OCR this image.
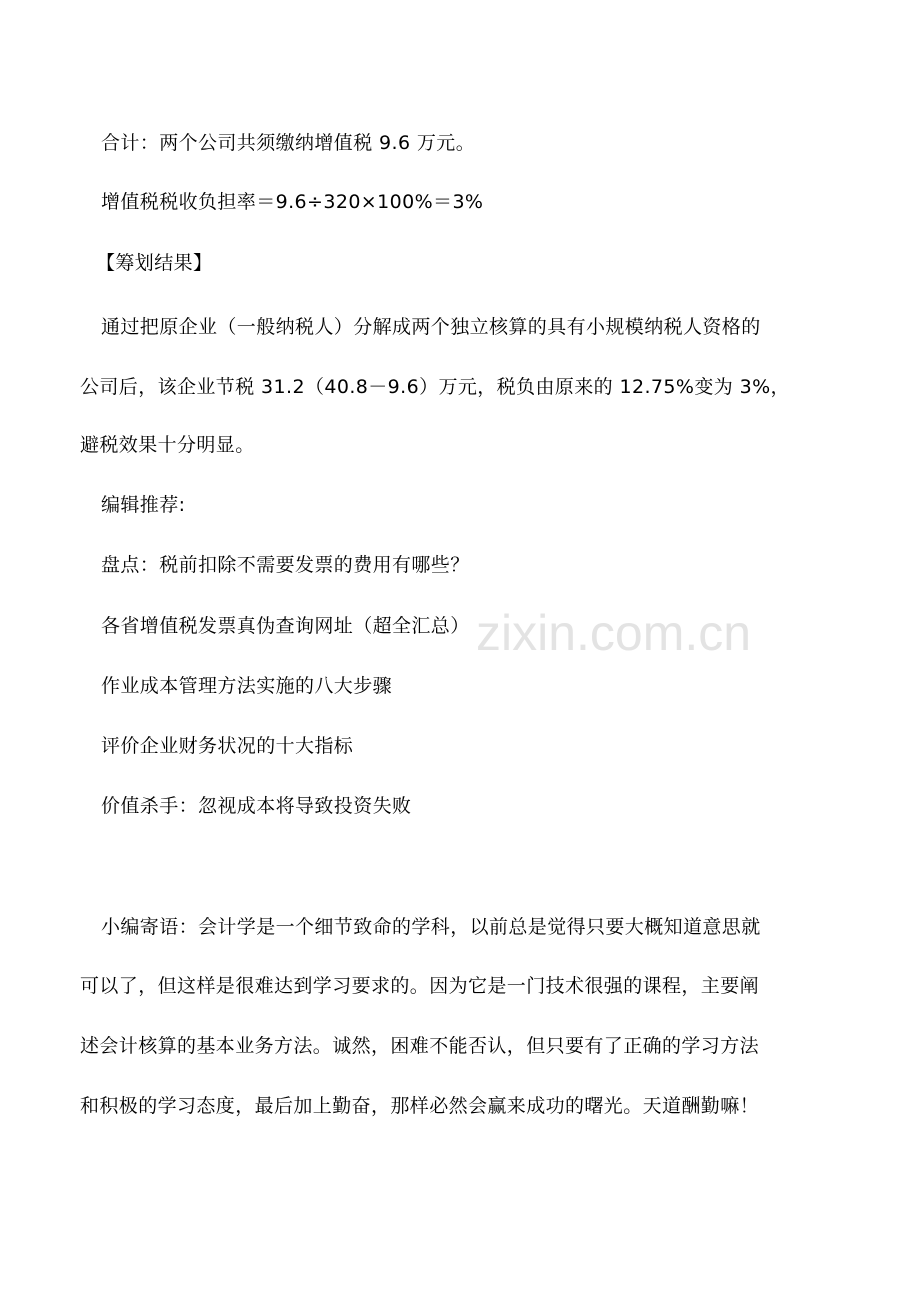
zixin.com.cn
合计：两个公司共须缴纳增值税 9.6 万元。
增值税税收负担率＝9.6÷320×100%＝3%
【筹划结果】
通过把原企业（一般纳税人）分解成两个独立核算的具有小规模纳税人资格的
公司后，该企业节税 31.2（40.8－9.6）万元，税负由原来的 12.75%变为 3%，
避税效果十分明显。
编辑推荐:
盘点：税前扣除不需要发票的费用有哪些？
各省增值税发票真伪查询网址（超全汇总）
作业成本管理方法实施的八大步骤
评价企业财务状况的十大指标
价值杀手：忽视成本将导致投资失败
小编寄语：会计学是一个细节致命的学科，以前总是觉得只要大概知道意思就
可以了，但这样是很难达到学习要求的。因为它是一门技术很强的课程，主要阐
述会计核算的基本业务方法。诚然，困难不能否认，但只要有了正确的学习方法
和积极的学习态度，最后加上勤奋，那样必然会赢来成功的曙光。天道酬勤嘛！
